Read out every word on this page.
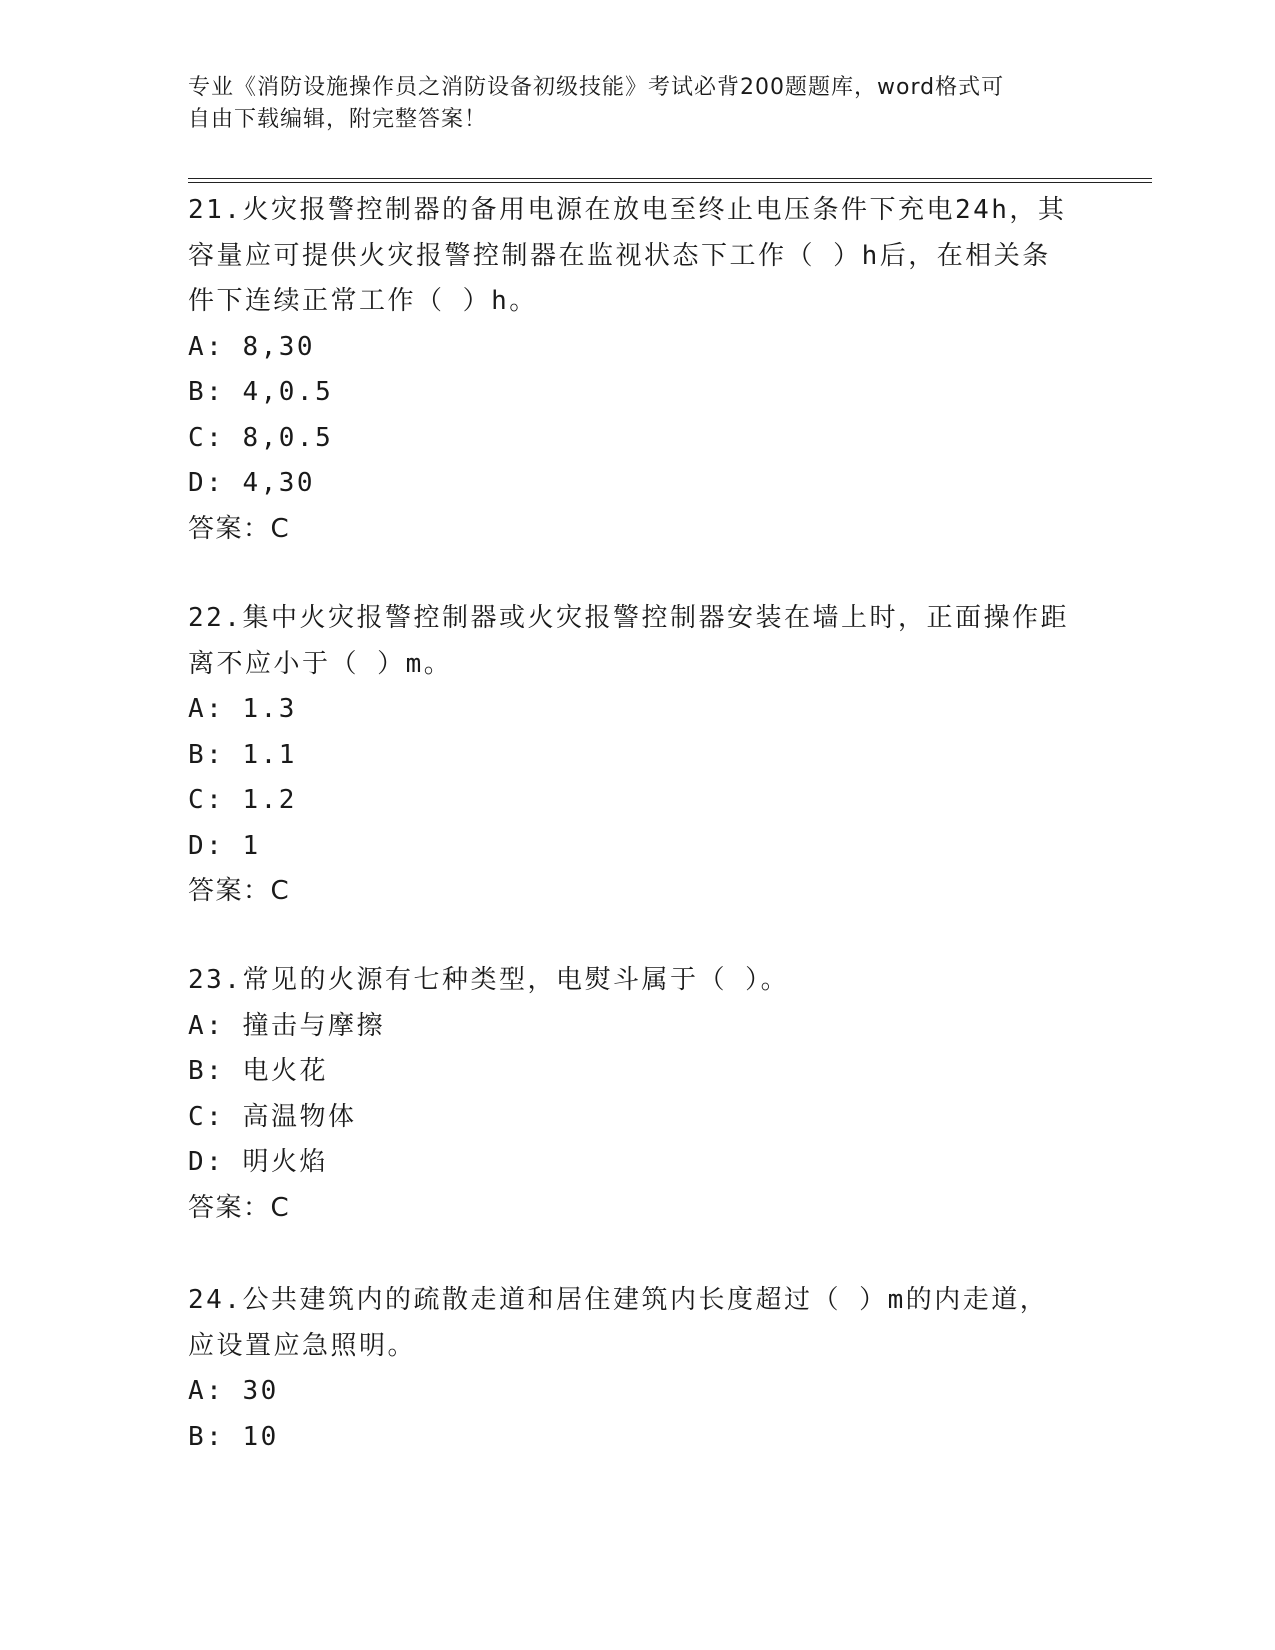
专业《消防设施操作员之消防设备初级技能》考试必背200题题库，word格式可
自由下载编辑，附完整答案！
21.火灾报警控制器的备用电源在放电至终止电压条件下充电24h，其
容量应可提供火灾报警控制器在监视状态下工作（ ）h后，在相关条
件下连续正常工作（ ）h。
A: 8,30
B: 4,0.5
C: 8,0.5
D: 4,30
答案：C
22.集中火灾报警控制器或火灾报警控制器安装在墙上时，正面操作距
离不应小于（ ）m。
A: 1.3
B: 1.1
C: 1.2
D: 1
答案：C
23.常见的火源有七种类型，电熨斗属于（ ）。
A: 撞击与摩擦
B: 电火花
C: 高温物体
D: 明火焰
答案：C
24.公共建筑内的疏散走道和居住建筑内长度超过（ ）m的内走道，
应设置应急照明。
A: 30
B: 10
